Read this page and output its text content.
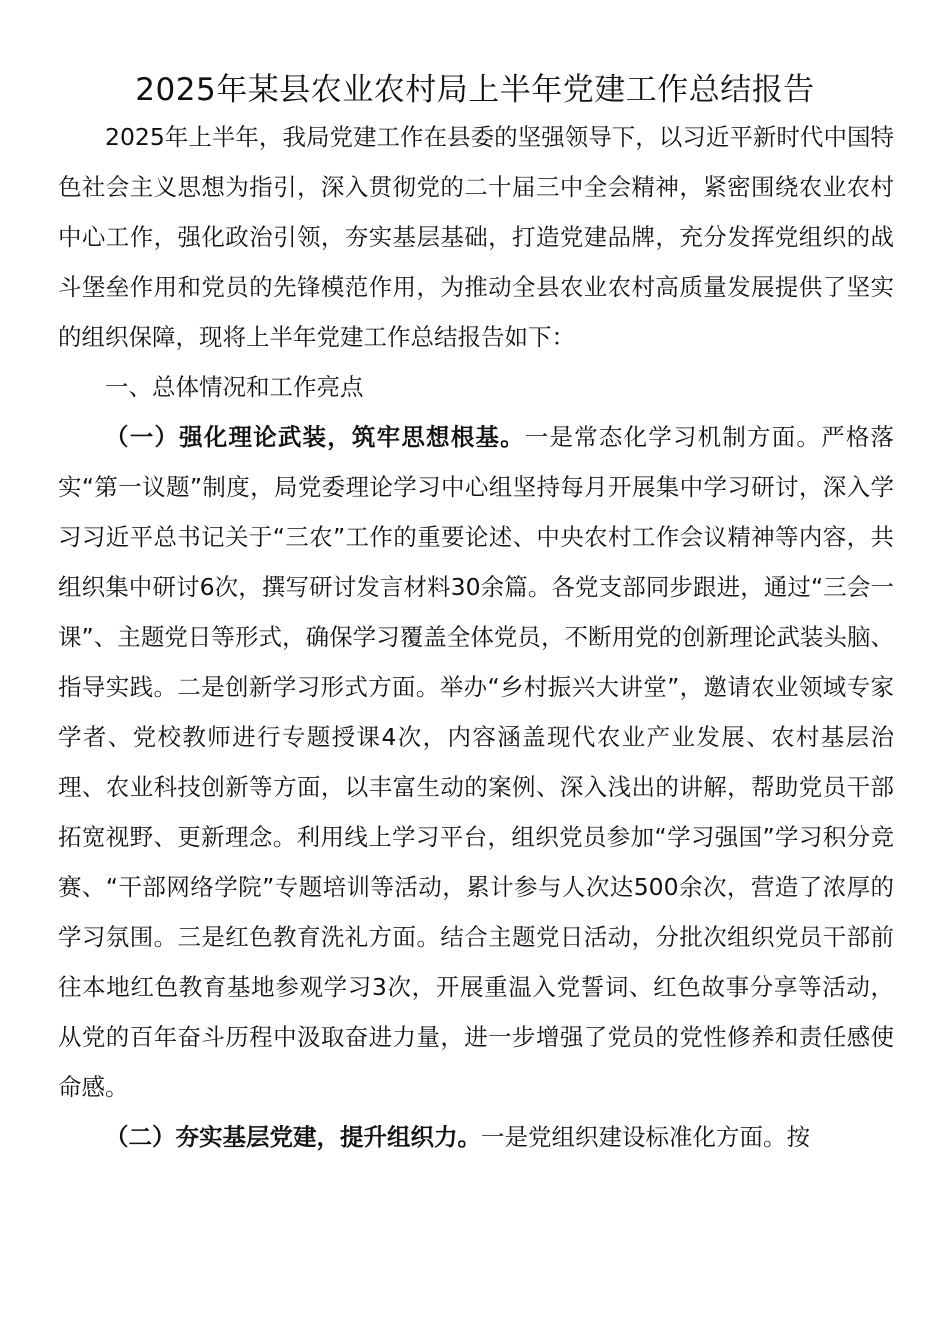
2025年某县农业农村局上半年党建工作总结报告

2025年上半年，我局党建工作在县委的坚强领导下，以习近平新时代中国特色社会主义思想为指引，深入贯彻党的二十届三中全会精神，紧密围绕农业农村中心工作，强化政治引领，夯实基层基础，打造党建品牌，充分发挥党组织的战斗堡垒作用和党员的先锋模范作用，为推动全县农业农村高质量发展提供了坚实的组织保障，现将上半年党建工作总结报告如下：

一、总体情况和工作亮点

（一）强化理论武装，筑牢思想根基。一是常态化学习机制方面。严格落实“第一议题”制度，局党委理论学习中心组坚持每月开展集中学习研讨，深入学习习近平总书记关于“三农”工作的重要论述、中央农村工作会议精神等内容，共组织集中研讨6次，撰写研讨发言材料30余篇。各党支部同步跟进，通过“三会一课”、主题党日等形式，确保学习覆盖全体党员，不断用党的创新理论武装头脑、指导实践。二是创新学习形式方面。举办“乡村振兴大讲堂”，邀请农业领域专家学者、党校教师进行专题授课4次，内容涵盖现代农业产业发展、农村基层治理、农业科技创新等方面，以丰富生动的案例、深入浅出的讲解，帮助党员干部拓宽视野、更新理念。利用线上学习平台，组织党员参加“学习强国”学习积分竞赛、“干部网络学院”专题培训等活动，累计参与人次达500余次，营造了浓厚的学习氛围。三是红色教育洗礼方面。结合主题党日活动，分批次组织党员干部前往本地红色教育基地参观学习3次，开展重温入党誓词、红色故事分享等活动，从党的百年奋斗历程中汲取奋进力量，进一步增强了党员的党性修养和责任感使命感。

（二）夯实基层党建，提升组织力。一是党组织建设标准化方面。按
